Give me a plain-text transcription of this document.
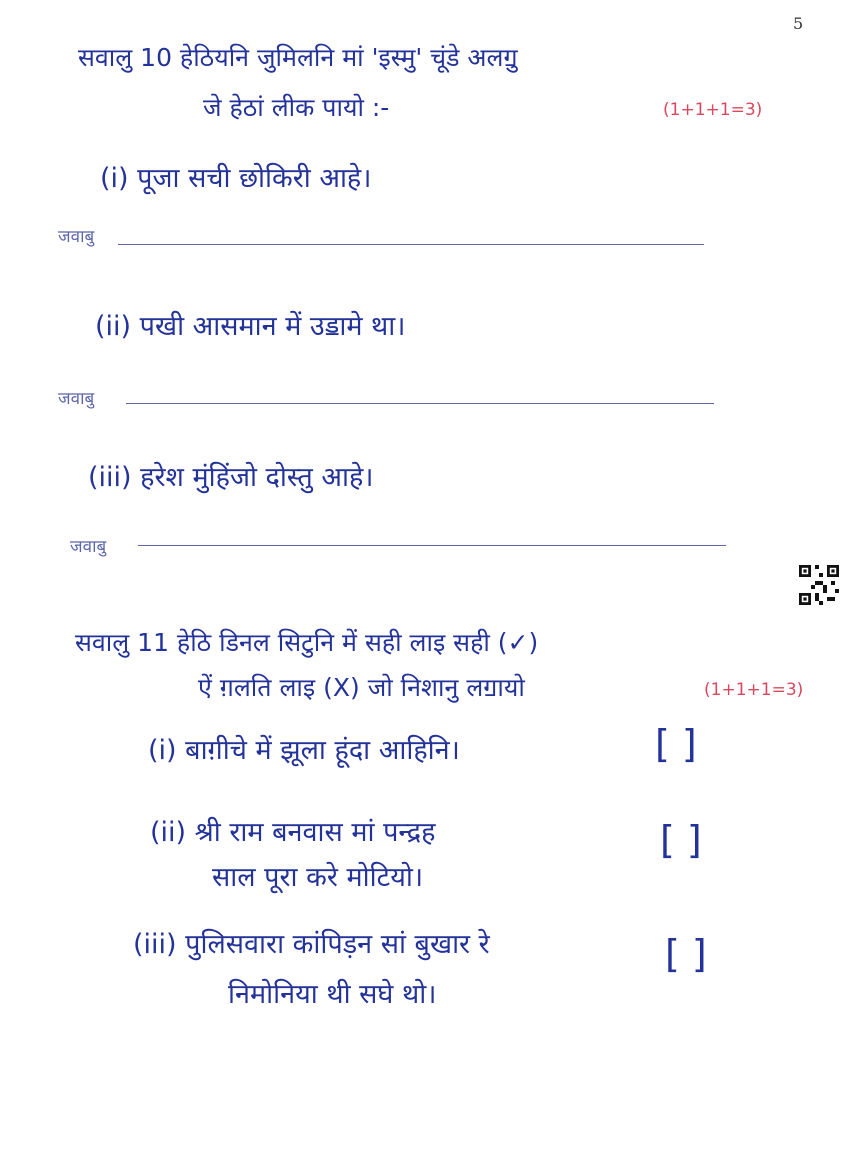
5
सवालु 10 हेठियनि जुमिलनि मां 'इस्मु' चूंडे अलॻु
जे हेठां लीक पायो :-	(1+1+1=3)
(i) पूजा सची छोकिरी आहे।
जवाबु
(ii) पखी आसमान में उॾामे था।
जवाबु
(iii) हरेश मुंहिंजो दोस्तु आहे।
जवाबु
सवालु 11 हेठि डिनल सिटुनि में सही लाइ सही (✓)
ऐं ग़लति लाइ (X) जो निशानु लॻायो	(1+1+1=3)
(i) बाग़ीचे में झूला हूंदा आहिनि।	[ ]
(ii) श्री राम बनवास मां पन्द्रह
साल पूरा करे मोटियो।
[ ]
(iii) पुलिसवारा कांपिड़न सां बुखार रे
निमोनिया थी सघे थो।
[ ]
